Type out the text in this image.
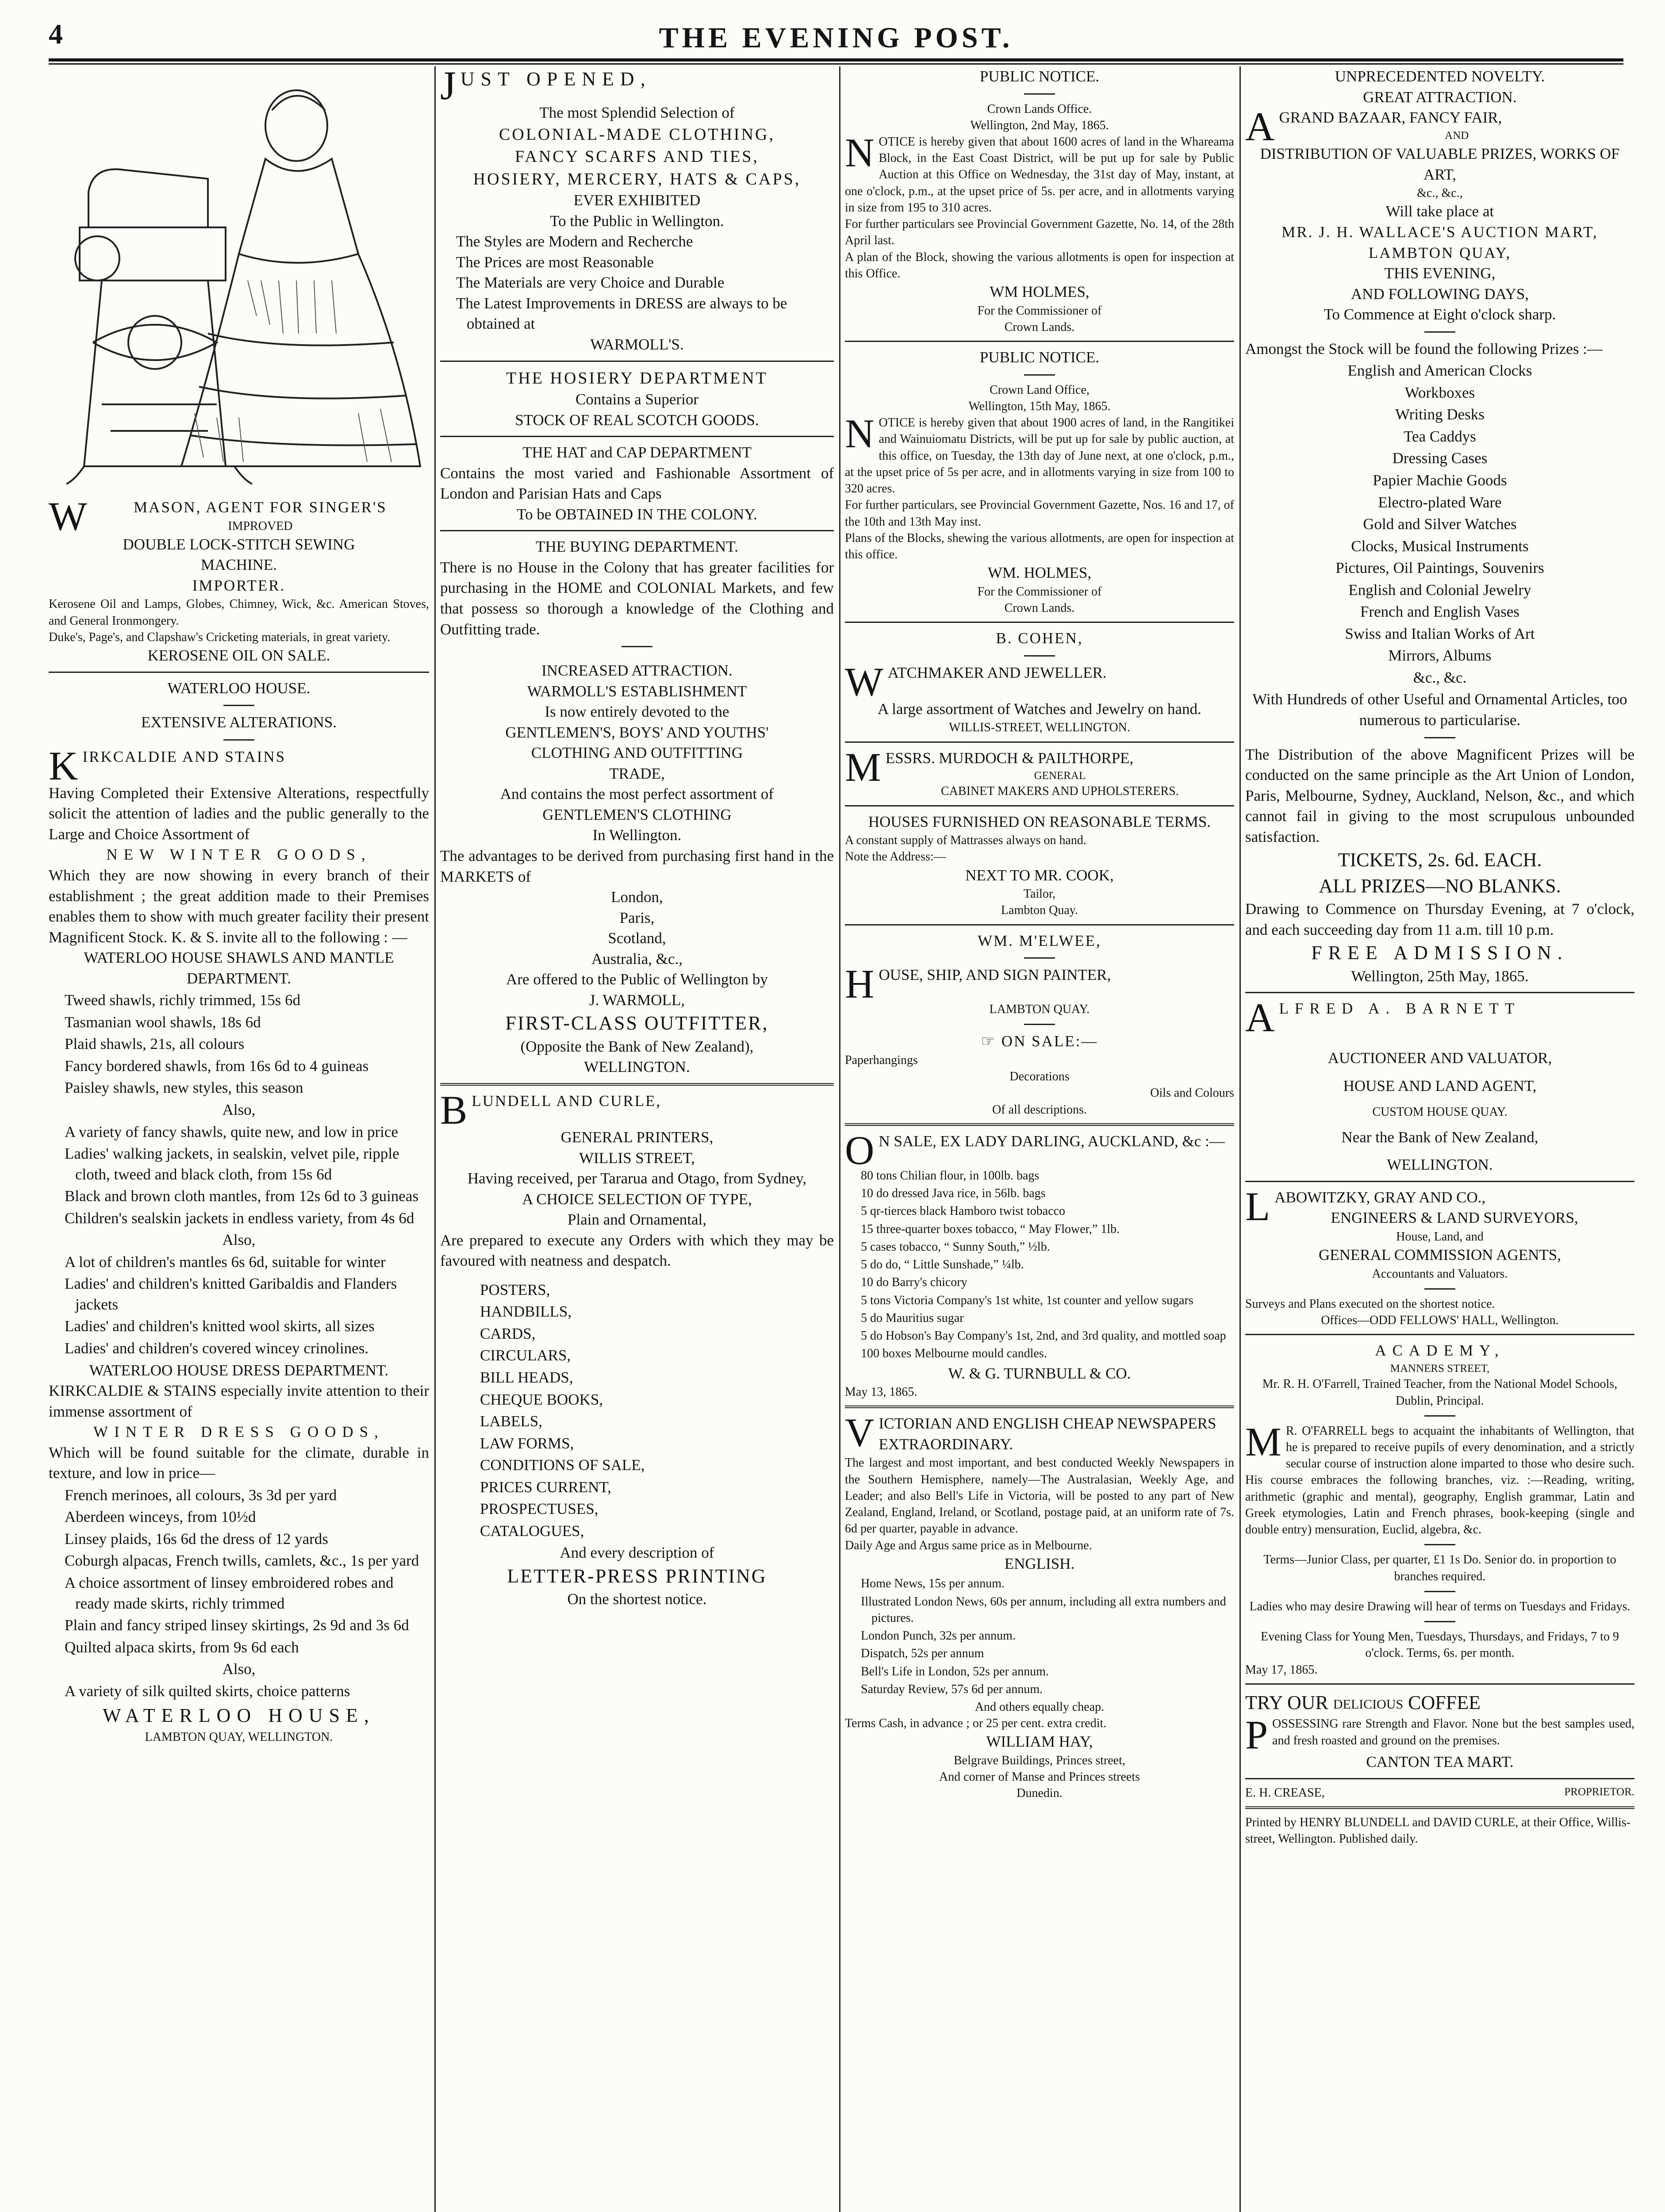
4	THE EVENING POST.
W	MASON, AGENT FOR SINGER'S
IMPROVED
DOUBLE LOCK-STITCH SEWING
MACHINE.
IMPORTER.
Kerosene Oil and Lamps, Globes, Chimney, Wick, &c. American Stoves, and General Ironmongery.
Duke's, Page's, and Clapshaw's Cricketing materials, in great variety.
KEROSENE OIL ON SALE.
WATERLOO HOUSE.
EXTENSIVE ALTERATIONS.
KIRKCALDIE AND STAINS
Having Completed their Extensive Alterations, respectfully solicit the attention of ladies and the public generally to the Large and Choice Assortment of
NEW WINTER GOODS,
Which they are now showing in every branch of their establishment ; the great addition made to their Premises enables them to show with much greater facility their present Magnificent Stock. K. & S. invite all to the following : —
WATERLOO HOUSE SHAWLS AND MANTLE DEPARTMENT.
Tweed shawls, richly trimmed, 15s 6d
Tasmanian wool shawls, 18s 6d
Plaid shawls, 21s, all colours
Fancy bordered shawls, from 16s 6d to 4 guineas
Paisley shawls, new styles, this season
Also,
A variety of fancy shawls, quite new, and low in price
Ladies' walking jackets, in sealskin, velvet pile, ripple cloth, tweed and black cloth, from 15s 6d
Black and brown cloth mantles, from 12s 6d to 3 guineas
Children's sealskin jackets in endless variety, from 4s 6d
Also,
A lot of children's mantles 6s 6d, suitable for winter
Ladies' and children's knitted Garibaldis and Flanders jackets
Ladies' and children's knitted wool skirts, all sizes
Ladies' and children's covered wincey crinolines.
WATERLOO HOUSE DRESS DEPARTMENT.
KIRKCALDIE & STAINS especially invite attention to their immense assortment of
WINTER DRESS GOODS,
Which will be found suitable for the climate, durable in texture, and low in price—
French merinoes, all colours, 3s 3d per yard
Aberdeen winceys, from 10½d
Linsey plaids, 16s 6d the dress of 12 yards
Coburgh alpacas, French twills, camlets, &c., 1s per yard
A choice assortment of linsey embroidered robes and ready made skirts, richly trimmed
Plain and fancy striped linsey skirtings, 2s 9d and 3s 6d
Quilted alpaca skirts, from 9s 6d each
Also,
A variety of silk quilted skirts, choice patterns
WATERLOO HOUSE,
LAMBTON QUAY, WELLINGTON.
JUST OPENED,
The most Splendid Selection of
COLONIAL-MADE CLOTHING,
FANCY SCARFS AND TIES,
HOSIERY, MERCERY, HATS & CAPS,
EVER EXHIBITED
To the Public in Wellington.
The Styles are Modern and Recherche
The Prices are most Reasonable
The Materials are very Choice and Durable
The Latest Improvements in DRESS are always to be obtained at
WARMOLL'S.
THE HOSIERY DEPARTMENT
Contains a Superior
STOCK OF REAL SCOTCH GOODS.
THE HAT and CAP DEPARTMENT
Contains the most varied and Fashionable Assortment of London and Parisian Hats and Caps
To be OBTAINED IN THE COLONY.
THE BUYING DEPARTMENT.
There is no House in the Colony that has greater facilities for purchasing in the HOME and COLONIAL Markets, and few that possess so thorough a knowledge of the Clothing and Outfitting trade.
INCREASED ATTRACTION.
WARMOLL'S ESTABLISHMENT
Is now entirely devoted to the
GENTLEMEN'S, BOYS' AND YOUTHS'
CLOTHING AND OUTFITTING
TRADE,
And contains the most perfect assortment of
GENTLEMEN'S CLOTHING
In Wellington.
The advantages to be derived from purchasing first hand in the MARKETS of
London,
Paris,
Scotland,
Australia, &c.,
Are offered to the Public of Wellington by
J. WARMOLL,
FIRST-CLASS OUTFITTER,
(Opposite the Bank of New Zealand),
WELLINGTON.
BLUNDELL AND CURLE,
GENERAL PRINTERS,
WILLIS STREET,
Having received, per Tararua and Otago, from Sydney,
A CHOICE SELECTION OF TYPE,
Plain and Ornamental,
Are prepared to execute any Orders with which they may be favoured with neatness and despatch.
POSTERS,
HANDBILLS,
CARDS,
CIRCULARS,
BILL HEADS,
CHEQUE BOOKS,
LABELS,
LAW FORMS,
CONDITIONS OF SALE,
PRICES CURRENT,
PROSPECTUSES,
CATALOGUES,
And every description of
LETTER-PRESS PRINTING
On the shortest notice.
PUBLIC NOTICE.
Crown Lands Office.
Wellington, 2nd May, 1865.
NOTICE is hereby given that about 1600 acres of land in the Whareama Block, in the East Coast District, will be put up for sale by Public Auction at this Office on Wednesday, the 31st day of May, instant, at one o'clock, p.m., at the upset price of 5s. per acre, and in allotments varying in size from 195 to 310 acres.
For further particulars see Provincial Government Gazette, No. 14, of the 28th April last.
A plan of the Block, showing the various allotments is open for inspection at this Office.
WM HOLMES,
For the Commissioner of
Crown Lands.
PUBLIC NOTICE.
Crown Land Office,
Wellington, 15th May, 1865.
NOTICE is hereby given that about 1900 acres of land, in the Rangitikei and Wainuiomatu Districts, will be put up for sale by public auction, at this office, on Tuesday, the 13th day of June next, at one o'clock, p.m., at the upset price of 5s per acre, and in allotments varying in size from 100 to 320 acres.
For further particulars, see Provincial Government Gazette, Nos. 16 and 17, of the 10th and 13th May inst.
Plans of the Blocks, shewing the various allotments, are open for inspection at this office.
WM. HOLMES,
For the Commissioner of
Crown Lands.
B. COHEN,
WATCHMAKER AND JEWELLER.
A large assortment of Watches and Jewelry on hand.
WILLIS-STREET, WELLINGTON.
MESSRS. MURDOCH & PAILTHORPE,
GENERAL
CABINET MAKERS AND UPHOLSTERERS.
HOUSES FURNISHED ON REASONABLE TERMS.
A constant supply of Mattrasses always on hand.
Note the Address:—
NEXT TO MR. COOK,
Tailor,
Lambton Quay.
WM. M'ELWEE,
HOUSE, SHIP, AND SIGN PAINTER,
LAMBTON QUAY.
☞ ON SALE:—
Paperhangings
Decorations
Oils and Colours
Of all descriptions.
O N SALE, EX LADY DARLING, AUCKLAND, &c :—
80 tons Chilian flour, in 100lb. bags
10 do dressed Java rice, in 56lb. bags
5 qr-tierces black Hamboro twist tobacco
15 three-quarter boxes tobacco, “ May Flower,” 1lb.
5 cases tobacco, “ Sunny South,” ½lb.
5 do do, “ Little Sunshade,” ¼lb.
10 do Barry's chicory
5 tons Victoria Company's 1st white, 1st counter and yellow sugars
5 do Mauritius sugar
5 do Hobson's Bay Company's 1st, 2nd, and 3rd quality, and mottled soap
100 boxes Melbourne mould candles.
W. & G. TURNBULL & CO.
May 13, 1865.
VICTORIAN AND ENGLISH CHEAP NEWSPAPERS EXTRAORDINARY.
The largest and most important, and best conducted Weekly Newspapers in the Southern Hemisphere, namely—The Australasian, Weekly Age, and Leader; and also Bell's Life in Victoria, will be posted to any part of New Zealand, England, Ireland, or Scotland, postage paid, at an uniform rate of 7s. 6d per quarter, payable in advance.
Daily Age and Argus same price as in Melbourne.
ENGLISH.
Home News, 15s per annum.
Illustrated London News, 60s per annum, including all extra numbers and pictures.
London Punch, 32s per annum.
Dispatch, 52s per annum
Bell's Life in London, 52s per annum.
Saturday Review, 57s 6d per annum.
And others equally cheap.
Terms Cash, in advance ; or 25 per cent. extra credit.
WILLIAM HAY,
Belgrave Buildings, Princes street,
And corner of Manse and Princes streets
Dunedin.
UNPRECEDENTED NOVELTY.
GREAT ATTRACTION.
AGRAND BAZAAR, FANCY FAIR,
AND
DISTRIBUTION OF VALUABLE PRIZES, WORKS OF ART,
&c., &c.,
Will take place at
MR. J. H. WALLACE'S AUCTION MART, LAMBTON QUAY,
THIS EVENING,
AND FOLLOWING DAYS,
To Commence at Eight o'clock sharp.
Amongst the Stock will be found the following Prizes :—
English and American Clocks
Workboxes
Writing Desks
Tea Caddys
Dressing Cases
Papier Machie Goods
Electro-plated Ware
Gold and Silver Watches
Clocks, Musical Instruments
Pictures, Oil Paintings, Souvenirs
English and Colonial Jewelry
French and English Vases
Swiss and Italian Works of Art
Mirrors, Albums
&c., &c.
With Hundreds of other Useful and Ornamental Articles, too numerous to particularise.
The Distribution of the above Magnificent Prizes will be conducted on the same principle as the Art Union of London, Paris, Melbourne, Sydney, Auckland, Nelson, &c., and which cannot fail in giving to the most scrupulous unbounded satisfaction.
TICKETS, 2s. 6d. EACH.
ALL PRIZES—NO BLANKS.
Drawing to Commence on Thursday Evening, at 7 o'clock, and each succeeding day from 11 a.m. till 10 p.m.
FREE ADMISSION.
Wellington, 25th May, 1865.
ALFRED A. BARNETT
AUCTIONEER AND VALUATOR,
HOUSE AND LAND AGENT,
CUSTOM HOUSE QUAY.
Near the Bank of New Zealand,
WELLINGTON.
LABOWITZKY, GRAY AND CO.,
ENGINEERS & LAND SURVEYORS,
House, Land, and
GENERAL COMMISSION AGENTS,
Accountants and Valuators.
Surveys and Plans executed on the shortest notice.
Offices—ODD FELLOWS' HALL, Wellington.
ACADEMY,
MANNERS STREET,
Mr. R. H. O'Farrell, Trained Teacher, from the National Model Schools, Dublin, Principal.
M R. O'FARRELL begs to acquaint the inhabitants of Wellington, that he is prepared to receive pupils of every denomination, and a strictly secular course of instruction alone imparted to those who desire such. His course embraces the following branches, viz. :—Reading, writing, arithmetic (graphic and mental), geography, English grammar, Latin and Greek etymologies, Latin and French phrases, book-keeping (single and double entry) mensuration, Euclid, algebra, &c.
Terms—Junior Class, per quarter, £1 1s Do. Senior do. in proportion to branches required.
Ladies who may desire Drawing will hear of terms on Tuesdays and Fridays.
Evening Class for Young Men, Tuesdays, Thursdays, and Fridays, 7 to 9 o'clock. Terms, 6s. per month.
May 17, 1865.
TRY OUR DELICIOUS COFFEE
POSSESSING rare Strength and Flavor. None but the best samples used, and fresh roasted and ground on the premises.
CANTON TEA MART.
E. H. CREASE,	PROPRIETOR.
Printed by HENRY BLUNDELL and DAVID CURLE, at their Office, Willis-street, Wellington. Published daily.
